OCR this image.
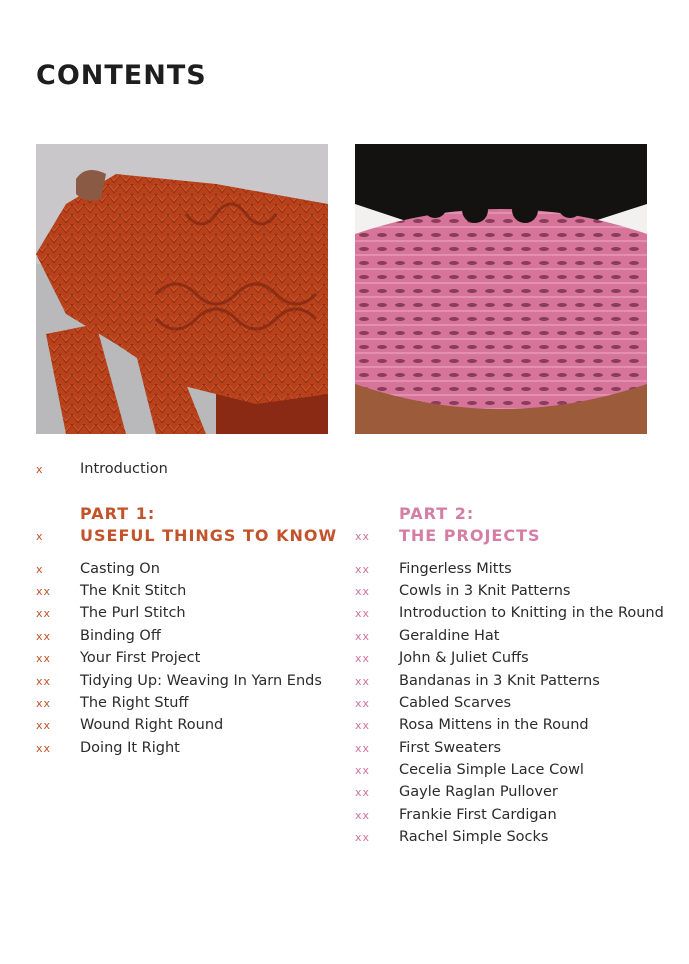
CONTENTS
x	Introduction
PART 1:
x	USEFUL THINGS TO KNOW
x	Casting On
xx	The Knit Stitch
xx	The Purl Stitch
xx	Binding Off
xx	Your First Project
xx	Tidying Up: Weaving In Yarn Ends
xx	The Right Stuff
xx	Wound Right Round
xx	Doing It Right
PART 2:
xx	THE PROJECTS
xx	Fingerless Mitts
xx	Cowls in 3 Knit Patterns
xx	Introduction to Knitting in the Round
xx	Geraldine Hat
xx	John & Juliet Cuffs
xx	Bandanas in 3 Knit Patterns
xx	Cabled Scarves
xx	Rosa Mittens in the Round
xx	First Sweaters
xx	Cecelia Simple Lace Cowl
xx	Gayle Raglan Pullover
xx	Frankie First Cardigan
xx	Rachel Simple Socks
